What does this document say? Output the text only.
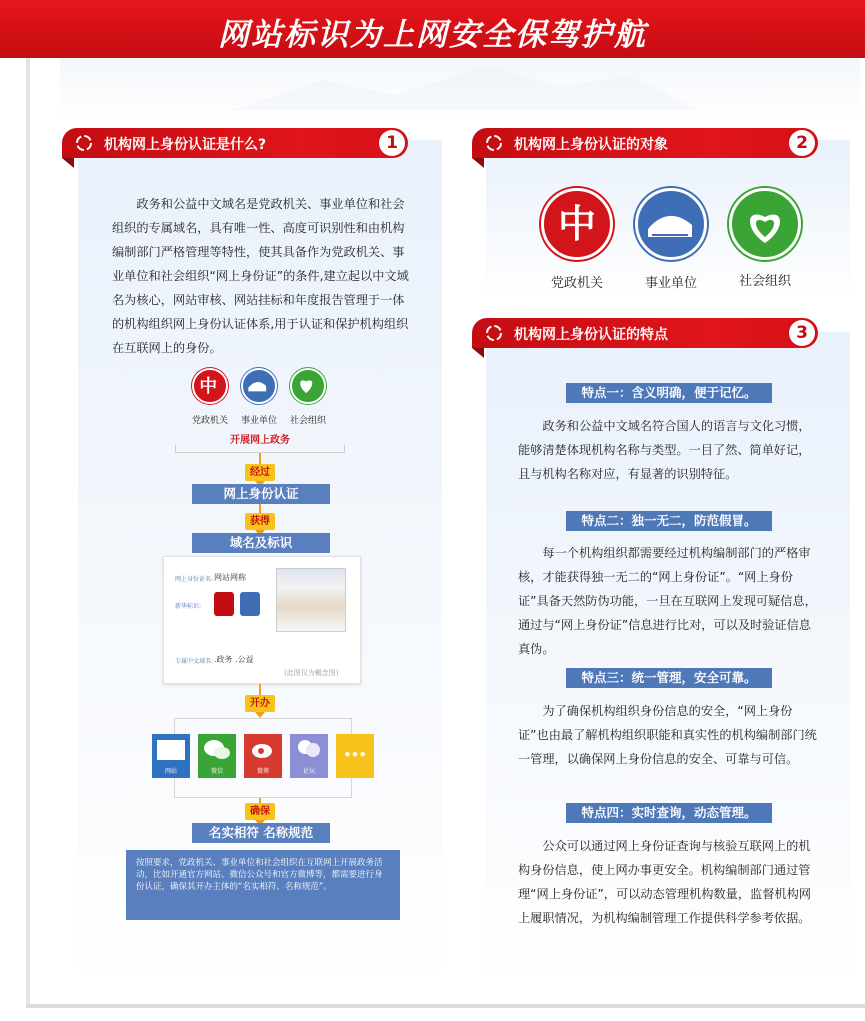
网站标识为上网安全保驾护航
机构网上身份认证是什么?	1
政务和公益中文域名是党政机关、事业单位和社会组织的专属域名，具有唯一性、高度可识别性和由机构编制部门严格管理等特性，使其具备作为党政机关、事业单位和社会组织“网上身份证”的条件,建立起以中文域名为核心，网站审核、网站挂标和年度报告管理于一体的机构组织网上身份认证体系,用于认证和保护机构组织在互联网上的身份。
中
党政机关	事业单位	社会组织
开展网上政务
经过
网上身份认证
获得
域名及标识
网上身份证名: 网站网称
新华标识:
专属中文域名: .政务 .公益
(此图仅为概念图)
开办
网站	微信	微博	论坛
•••
确保
名实相符 名称规范
按照要求，党政机关、事业单位和社会组织在互联网上开展政务活动，比如开通官方网站、微信公众号和官方微博等，都需要进行身份认证，确保其开办主体的“名实相符、名称规范”。
机构网上身份认证的对象	2
中
党政机关	事业单位	社会组织
机构网上身份认证的特点	3
特点一：含义明确，便于记忆。
政务和公益中文域名符合国人的语言与文化习惯，能够清楚体现机构名称与类型。一目了然、简单好记，且与机构名称对应，有显著的识别特征。
特点二：独一无二，防范假冒。
每一个机构组织都需要经过机构编制部门的严格审核，才能获得独一无二的“网上身份证”。“网上身份证”具备天然防伪功能，一旦在互联网上发现可疑信息，通过与“网上身份证”信息进行比对，可以及时验证信息真伪。
特点三：统一管理，安全可靠。
为了确保机构组织身份信息的安全，“网上身份证”也由最了解机构组织职能和真实性的机构编制部门统一管理，以确保网上身份信息的安全、可靠与可信。
特点四：实时查询，动态管理。
公众可以通过网上身份证查询与核验互联网上的机构身份信息，使上网办事更安全。机构编制部门通过管理“网上身份证”，可以动态管理机构数量，监督机构网上履职情况，为机构编制管理工作提供科学参考依据。
